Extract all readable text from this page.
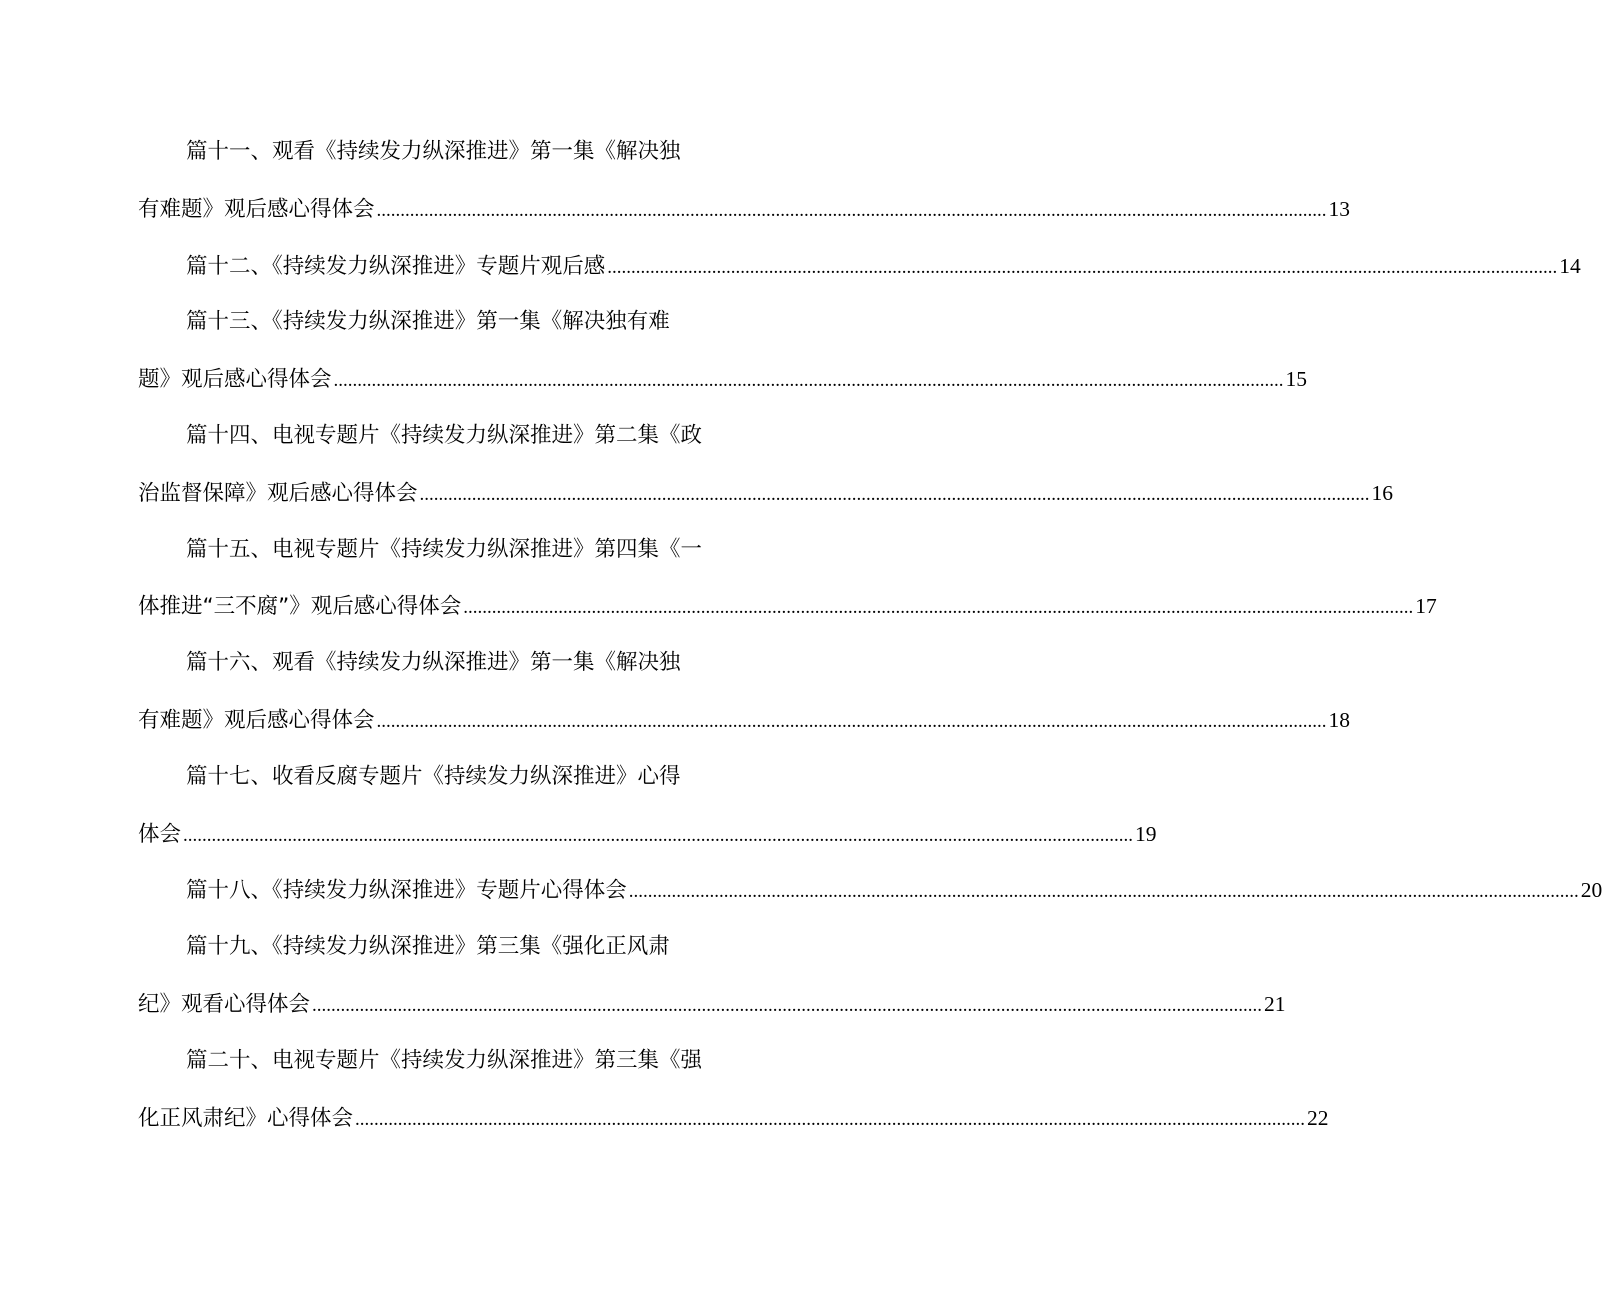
篇十一、观看《持续发力纵深推进》第一集《解决独
有难题》观后感心得体会 ........................................................................................................................................................................................................ 13
篇十二、《持续发力纵深推进》专题片观后感 ........................................................................................................................................................................................................ 14
篇十三、《持续发力纵深推进》第一集《解决独有难
题》观后感心得体会 ........................................................................................................................................................................................................ 15
篇十四、电视专题片《持续发力纵深推进》第二集《政
治监督保障》观后感心得体会 ........................................................................................................................................................................................................ 16
篇十五、电视专题片《持续发力纵深推进》第四集《一
体推进“三不腐”》观后感心得体会 ........................................................................................................................................................................................................ 17
篇十六、观看《持续发力纵深推进》第一集《解决独
有难题》观后感心得体会 ........................................................................................................................................................................................................ 18
篇十七、收看反腐专题片《持续发力纵深推进》心得
体会 ........................................................................................................................................................................................................ 19
篇十八、《持续发力纵深推进》专题片心得体会 ........................................................................................................................................................................................................ 20
篇十九、《持续发力纵深推进》第三集《强化正风肃
纪》观看心得体会 ........................................................................................................................................................................................................ 21
篇二十、电视专题片《持续发力纵深推进》第三集《强
化正风肃纪》心得体会 ........................................................................................................................................................................................................ 22
